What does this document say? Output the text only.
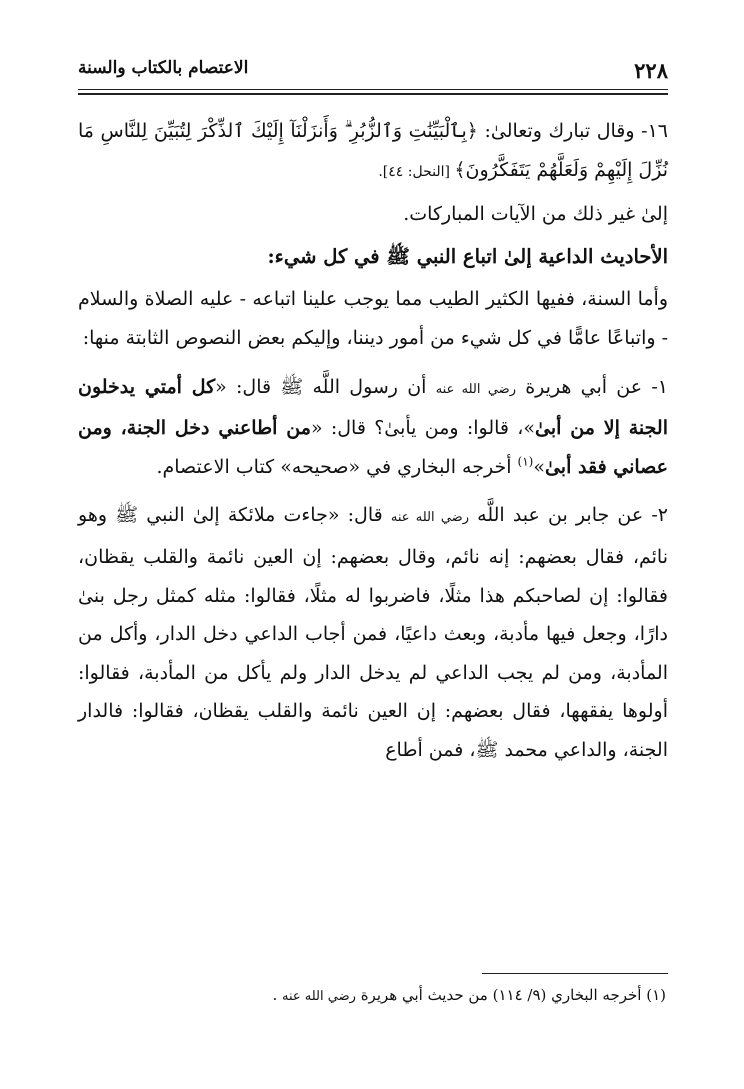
٢٢٨
الاعتصام بالكتاب والسنة

١٦- وقال تبارك وتعالىٰ: ﴿بِٱلْبَيِّنَٰتِ وَٱلزُّبُرِ ۗ وَأَنزَلْنَآ إِلَيْكَ ٱلذِّكْرَ لِتُبَيِّنَ لِلنَّاسِ مَا نُزِّلَ إِلَيْهِمْ وَلَعَلَّهُمْ يَتَفَكَّرُونَ﴾ [النحل: ٤٤].

إلىٰ غير ذلك من الآيات المباركات.

الأحاديث الداعية إلىٰ اتباع النبي ﷺ في كل شيء:

وأما السنة، ففيها الكثير الطيب مما يوجب علينا اتباعه - عليه الصلاة والسلام - واتباعًا عامًّا في كل شيء من أمور ديننا، وإليكم بعض النصوص الثابتة منها:

١- عن أبي هريرة رضي الله عنه أن رسول اللَّه ﷺ قال: «كل أمتي يدخلون الجنة إلا من أبىٰ»، قالوا: ومن يأبىٰ؟ قال: «من أطاعني دخل الجنة، ومن عصاني فقد أبىٰ»$^{(١)}$ أخرجه البخاري في «صحيحه» كتاب الاعتصام.

٢- عن جابر بن عبد اللَّه رضي الله عنه قال: «جاءت ملائكة إلىٰ النبي ﷺ وهو نائم، فقال بعضهم: إنه نائم، وقال بعضهم: إن العين نائمة والقلب يقظان، فقالوا: إن لصاحبكم هذا مثلًا، فاضربوا له مثلًا، فقالوا: مثله كمثل رجل بنىٰ دارًا، وجعل فيها مأدبة، وبعث داعيًا، فمن أجاب الداعي دخل الدار، وأكل من المأدبة، ومن لم يجب الداعي لم يدخل الدار ولم يأكل من المأدبة، فقالوا: أولوها يفقهها، فقال بعضهم: إن العين نائمة والقلب يقظان، فقالوا: فالدار الجنة، والداعي محمد ﷺ، فمن أطاع

(١) أخرجه البخاري (٩/ ١١٤) من حديث أبي هريرة رضي الله عنه .
